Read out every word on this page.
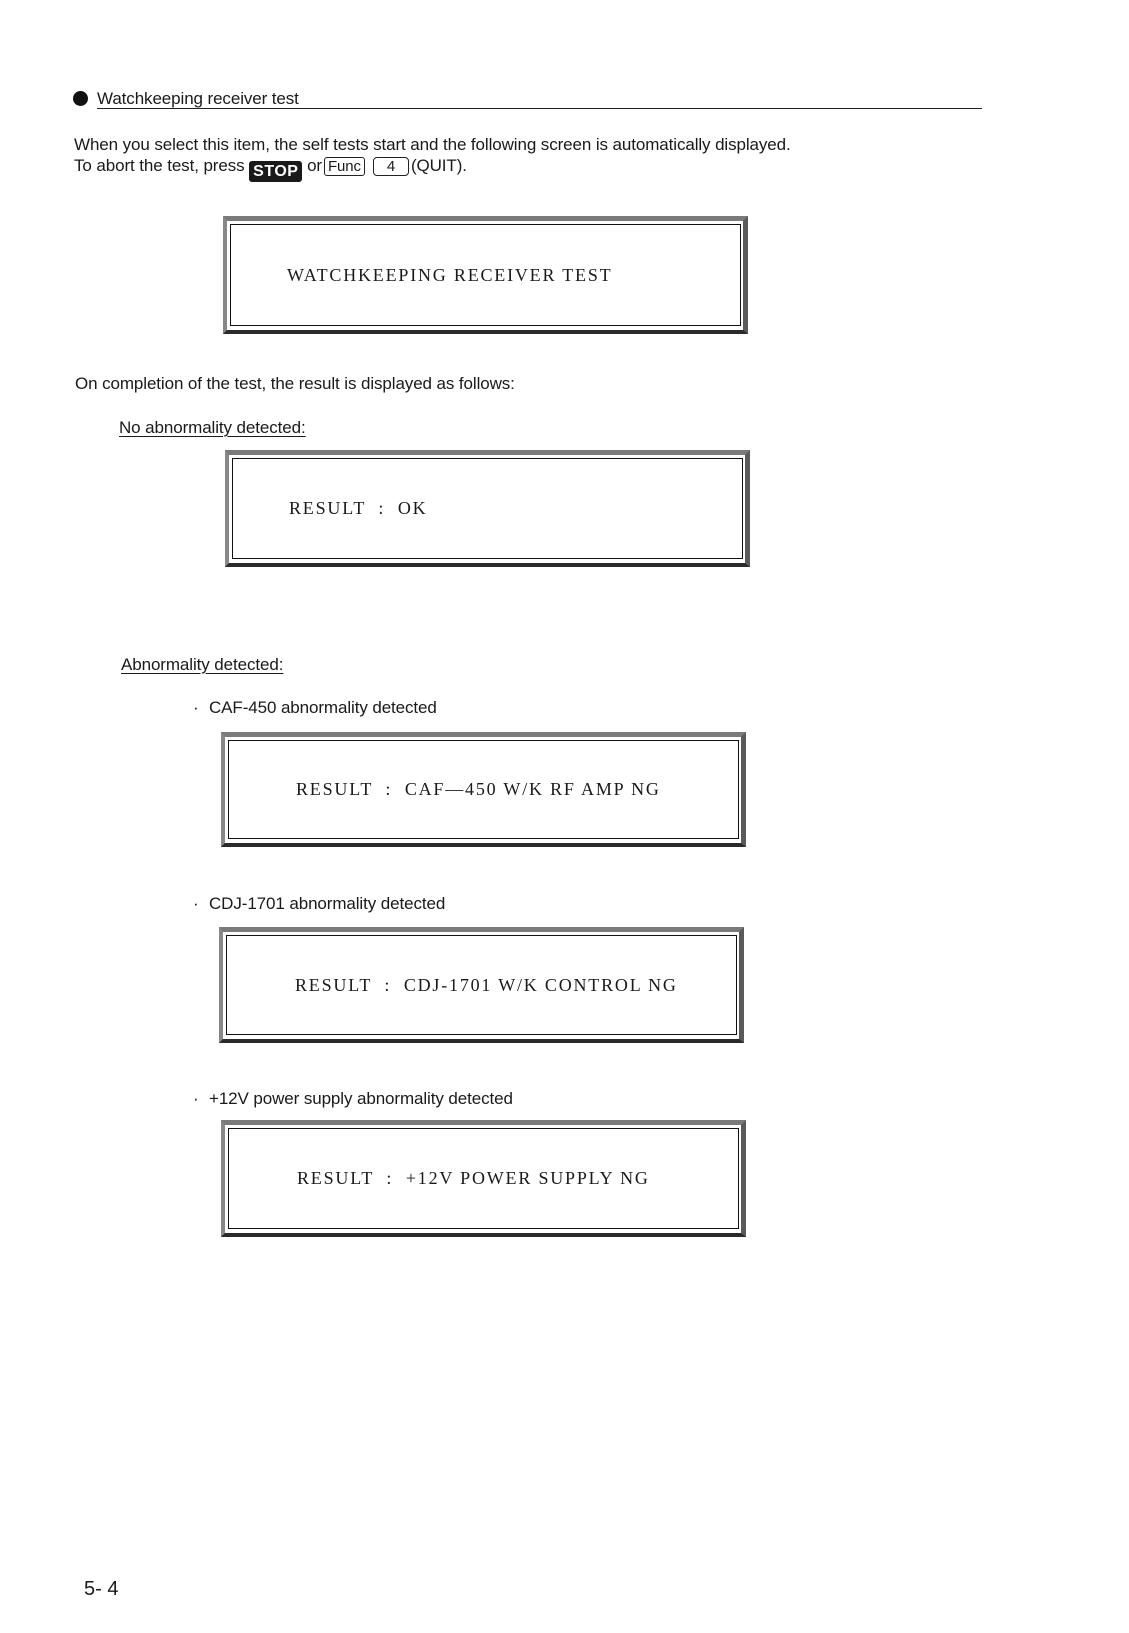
Watchkeeping receiver test
When you select this item, the self tests start and the following screen is automatically displayed.
To abort the test, press STOP or Func 4 (QUIT).
WATCHKEEPING RECEIVER TEST
On completion of the test, the result is displayed as follows:
No abnormality detected:
RESULT  :  OK
Abnormality detected:
· CAF-450 abnormality detected
RESULT  :  CAF—450 W/K RF AMP NG
· CDJ-1701 abnormality detected
RESULT  :  CDJ-1701 W/K CONTROL NG
· +12V power supply abnormality detected
RESULT  :  +12V POWER SUPPLY NG
5- 4
